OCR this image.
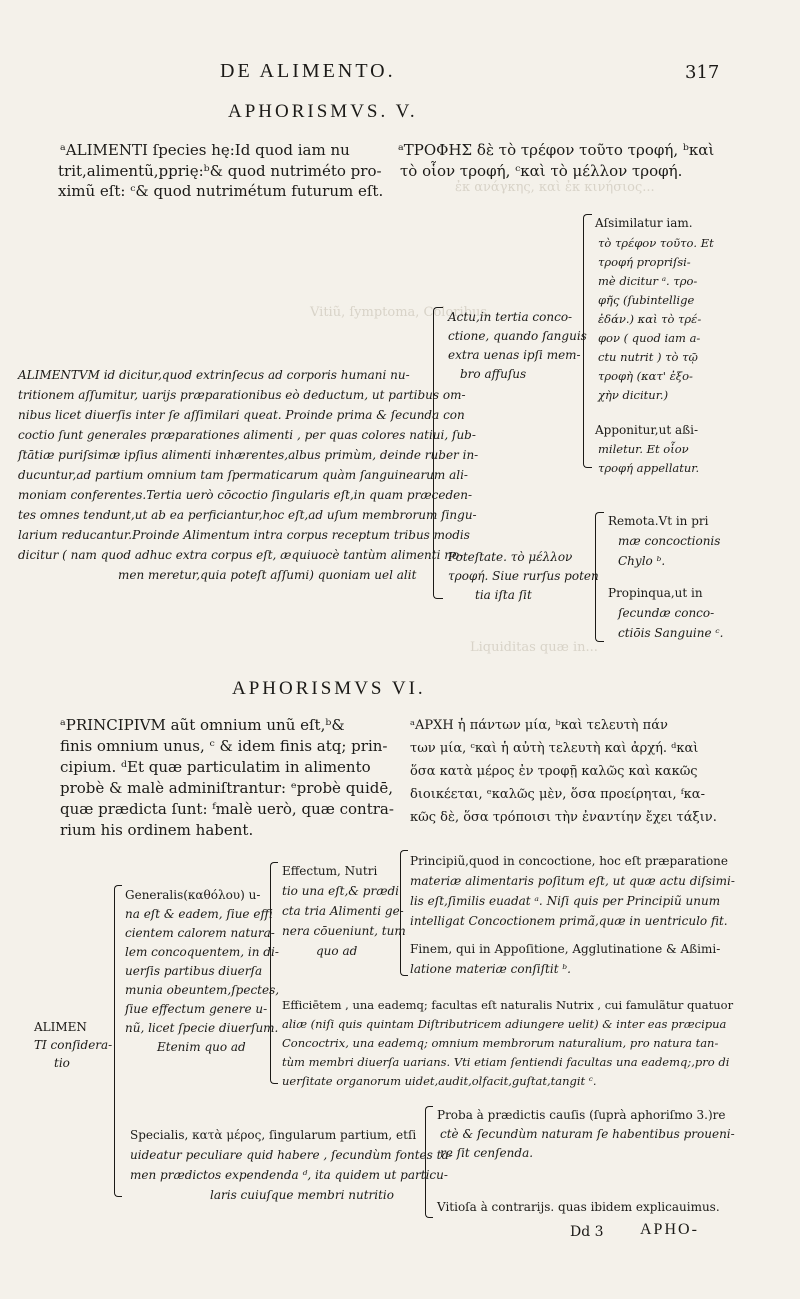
ἐκ ανάγκης, καὶ ἐκ κινήσιος...
Vitiũ, ſymptoma, Coloribus.
Liquiditas quæ in...
DE ALIMENTO.	317
APHORISMVS. V.
ᵃALIMENTI ſpecies hę:Id quod iam nu
trit,alimentũ,pprię:ᵇ& quod nutriméto pro-
ximũ eſt: ᶜ& quod nutrimétum futurum eſt.
ᵃΤΡΟΦΗΣ δὲ τὸ τρέφον τοῦτο τροφή, ᵇκαὶ
τὸ οἷον τροφή, ᶜκαὶ τὸ μέλλον τροφή.
ALIMENTVM id dicitur,quod extrinſecus ad corporis humani nu-
tritionem aſſumitur, uarijs præparationibus eò deductum, ut partibus om-
nibus licet diuerſis inter ſe aſſimilari queat. Proinde prima & ſecunda con
coctio ſunt generales præparationes alimenti , per quas colores natiui, ſub-
ſtātiæ puriſsimæ ipſius alimenti inhærentes,albus primùm, deinde ruber in-
ducuntur,ad partium omnium tam ſpermaticarum quàm ſanguinearum ali-
moniam conferentes.Tertia uerò cōcoctio ſingularis eſt,in quam præceden-
tes omnes tendunt,ut ab ea perficiantur,hoc eſt,ad uſum membrorum ſingu-
larium reducantur.Proinde Alimentum intra corpus receptum tribus modis
dicitur ( nam quod adhuc extra corpus eſt, æquiuocè tantùm alimenti no-
men meretur,quia poteſt aſſumi) quoniam uel alit
Actu,in tertia conco-
ctione, quando ſanguis
extra uenas ipſi mem-
bro affuſus
Poteſtate. τὸ μέλλον
τροφή. Siue rurſus poten
tia iſta ſit
Aſsimilatur iam.
τὸ τρέφον τοῦτο. Et
τροφή propriſsi-
mè dicitur ᵃ. τρο-
φῆς (ſubintellige
ἐδάν.) καὶ τὸ τρέ-
φον ( quod iam a-
ctu nutrit ) τὸ τῷ
τροφὴ (κατ' ἐξο-
χὴν dicitur.)
Apponitur,ut aßi-
miletur. Et οἷον
τροφή appellatur.
Remota.Vt in pri
mæ concoctionis
Chylo ᵇ.
Propinqua,ut in
ſecundæ conco-
ctiōis Sanguine ᶜ.
APHORISMVS VI.
ᵃPRINCIPIVM aũt omnium unũ eſt,ᵇ&
finis omnium unus, ᶜ & idem finis atq; prin-
cipium. ᵈEt quæ particulatim in alimento
probè & malè adminiſtrantur: ᵉprobè quidē,
quæ prædicta ſunt: ᶠmalè uerò, quæ contra-
rium his ordinem habent.
ᵃΑΡΧΗ ἡ πάντων μία, ᵇκαὶ τελευτὴ πάν
των μία, ᶜκαὶ ἡ αὐτὴ τελευτὴ καὶ ἀρχή. ᵈκαὶ
ὅσα κατὰ μέρος ἐν τροφῇ καλῶς καὶ κακῶς
διοικέεται, ᵉκαλῶς μὲν, ὅσα προείρηται, ᶠκα-
κῶς δὲ, ὅσα τρόποισι τὴν ἐναντίην ἔχει τάξιν.
ALIMEN
TI conſidera-
tio
Generalis(καθόλου) u-
na eſt & eadem, ſiue effi
cientem calorem natura-
lem concoquentem, in di-
uerſis partibus diuerſa
munia obeuntem,ſpectes,
ſiue effectum genere u-
nũ, licet ſpecie diuerſum.
Etenim quo ad
Effectum, Nutri
tio una eſt,& prædi
cta tria Alimenti ge-
nera cōueniunt, tum
quo ad
Principiũ,quod in concoctione, hoc eſt præparatione
materiæ alimentaris poſitum eſt, ut quæ actu diſsimi-
lis eſt,ſimilis euadat ᵃ. Niſi quis per Principiũ unum
intelligat Concoctionem primã,quæ in uentriculo fit.
Finem, qui in Appoſitione, Agglutinatione & Aßimi-
latione materiæ conſiſtit ᵇ.
Efficiētem , una eademq; facultas eſt naturalis Nutrix , cui famulãtur quatuor
aliæ (niſi quis quintam Diſtributricem adiungere uelit) & inter eas præcipua
Concoctrix, una eademq; omnium membrorum naturalium, pro natura tan-
tùm membri diuerſa uarians. Vti etiam ſentiendi facultas una eademq;,pro di
uerſitate organorum uidet,audit,olfacit,guſtat,tangit ᶜ.
Specialis, κατὰ μέρος, ſingularum partium, etſi
uideatur peculiare quid habere , ſecundùm fontes ta-
men prædictos expendenda ᵈ, ita quidem ut particu-
laris cuiuſque membri nutritio
Proba à prædictis cauſis (ſuprà aphoriſmo 3.)re
ctè & ſecundùm naturam ſe habentibus proueni-
re ſit cenſenda.
Vitioſa à contrarijs. quas ibidem explicauimus.
Dd 3 APHO-
